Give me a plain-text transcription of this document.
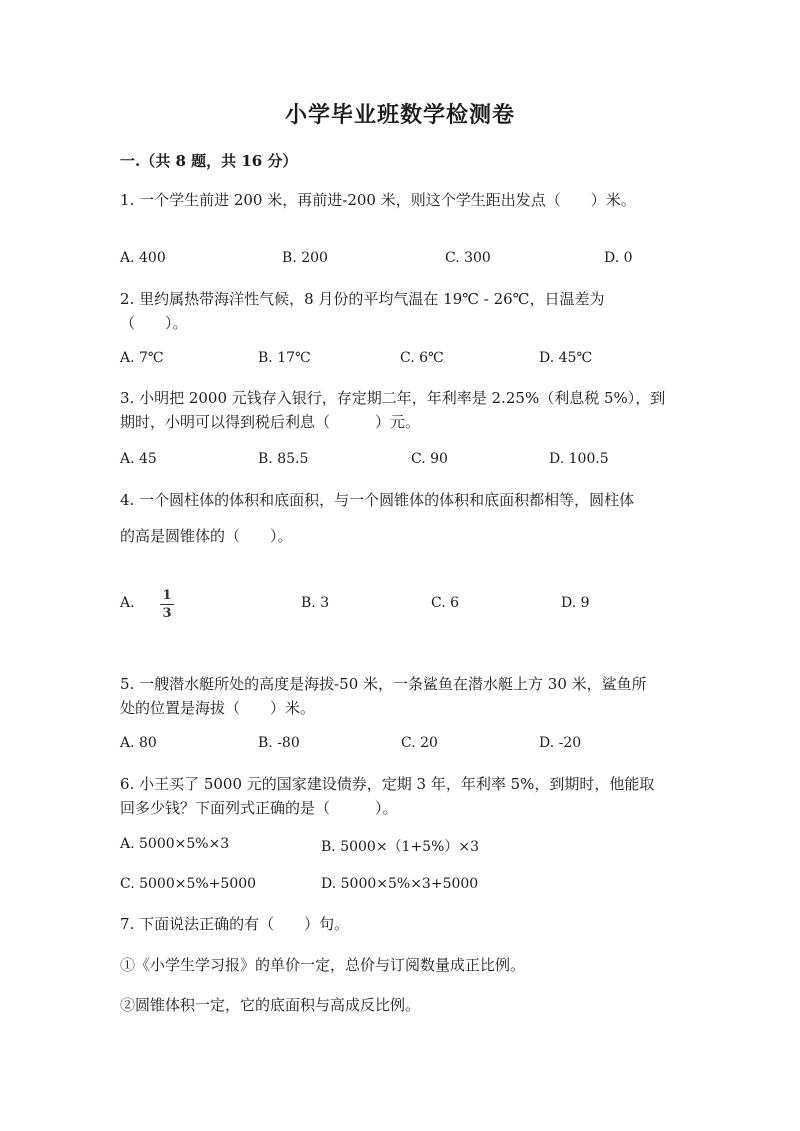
小学毕业班数学检测卷
一.（共 8 题，共 16 分）
1. 一个学生前进 200 米，再前进-200 米，则这个学生距出发点（　　）米。
A. 400	B. 200	C. 300	D. 0
2. 里约属热带海洋性气候，8 月份的平均气温在 19℃ - 26℃，日温差为
（　　）。
A. 7℃	B. 17℃	C. 6℃	D. 45℃
3. 小明把 2000 元钱存入银行，存定期二年，年利率是 2.25%（利息税 5%），到
期时，小明可以得到税后利息（　　　）元。
A. 45	B. 85.5	C. 90	D. 100.5
4. 一个圆柱体的体积和底面积，与一个圆锥体的体积和底面积都相等，圆柱体
的高是圆锥体的（　　）。
A. 1
3
B. 3	C. 6	D. 9
5. 一艘潜水艇所处的高度是海拔-50 米，一条鲨鱼在潜水艇上方 30 米，鲨鱼所
处的位置是海拔（　　）米。
A. 80	B. -80	C. 20	D. -20
6. 小王买了 5000 元的国家建设债券，定期 3 年，年利率 5%，到期时，他能取
回多少钱？下面列式正确的是（　　　）。
A. 5000×5%×3	B. 5000×（1+5%）×3
C. 5000×5%+5000	D. 5000×5%×3+5000
7. 下面说法正确的有（　　）句。
①《小学生学习报》的单价一定，总价与订阅数量成正比例。
②圆锥体积一定，它的底面积与高成反比例。
